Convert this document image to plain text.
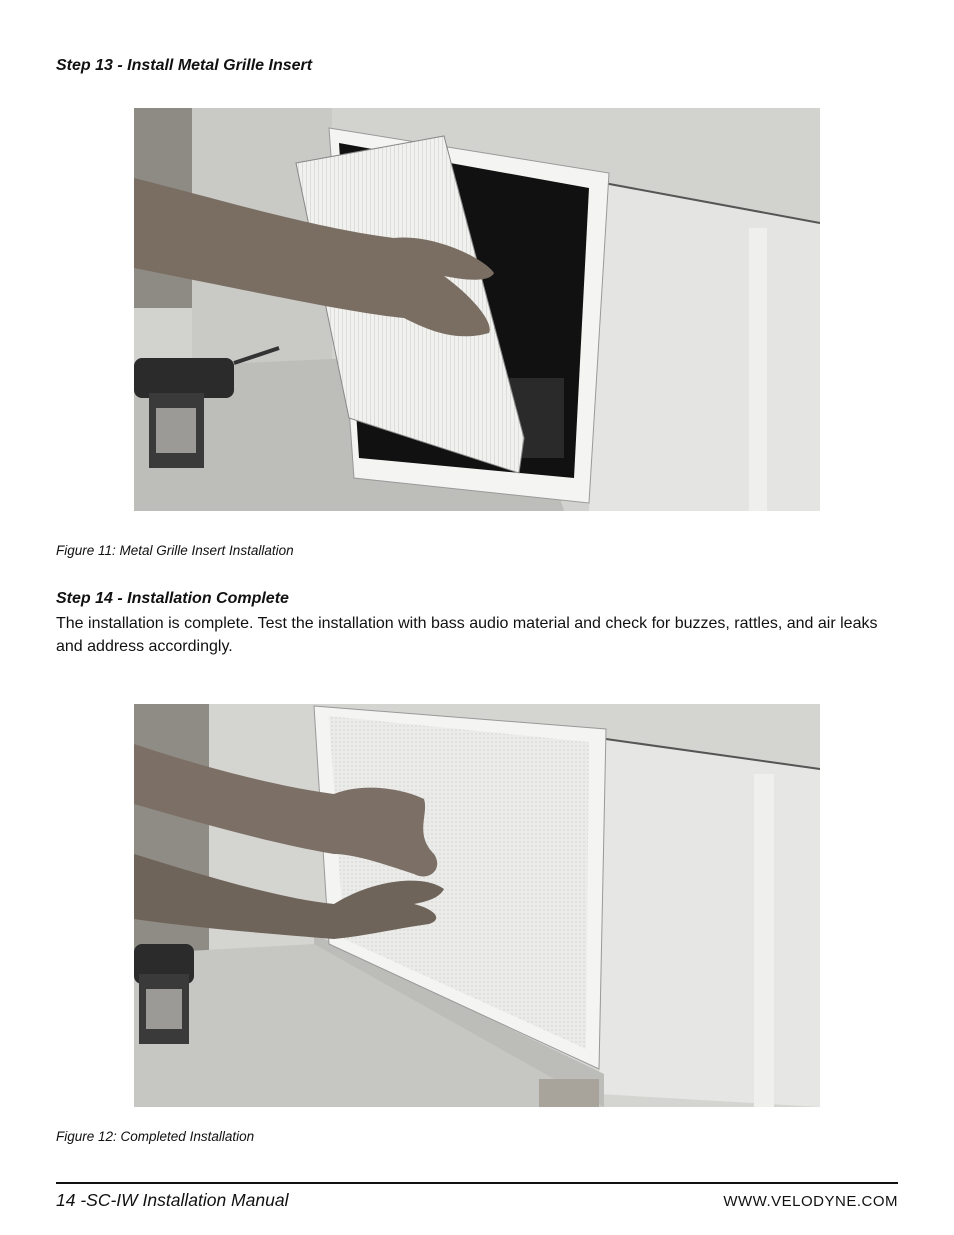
Step 13 - Install Metal Grille Insert

Figure 11: Metal Grille Insert Installation

Step 14 - Installation Complete

The installation is complete. Test the installation with bass audio material and check for buzzes, rattles, and air leaks and address accordingly.

Figure 12: Completed Installation

14 -SC-IW Installation Manual	WWW.VELODYNE.COM
